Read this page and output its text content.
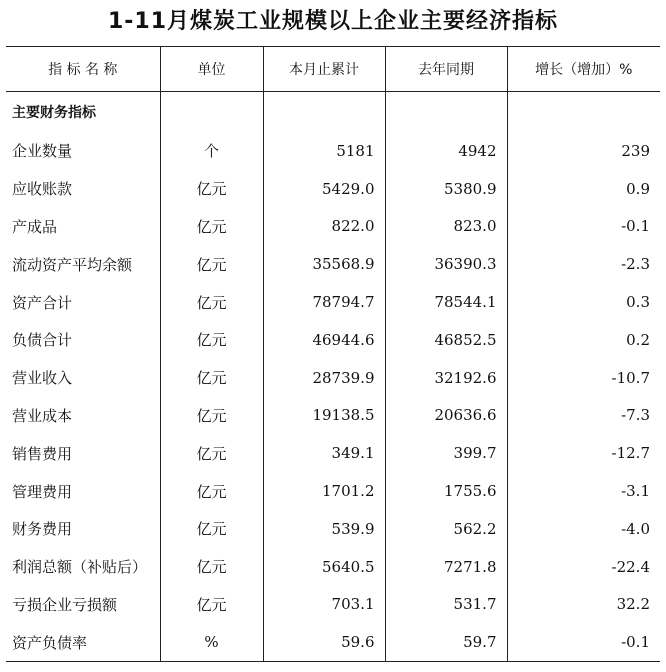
1-11月煤炭工业规模以上企业主要经济指标
指 标 名 称	单位	本月止累计	去年同期	增长（增加）%
主要财务指标				
企业数量	个	5181	4942	239
应收账款	亿元	5429.0	5380.9	0.9
产成品	亿元	822.0	823.0	-0.1
流动资产平均余额	亿元	35568.9	36390.3	-2.3
资产合计	亿元	78794.7	78544.1	0.3
负债合计	亿元	46944.6	46852.5	0.2
营业收入	亿元	28739.9	32192.6	-10.7
营业成本	亿元	19138.5	20636.6	-7.3
销售费用	亿元	349.1	399.7	-12.7
管理费用	亿元	1701.2	1755.6	-3.1
财务费用	亿元	539.9	562.2	-4.0
利润总额（补贴后）	亿元	5640.5	7271.8	-22.4
亏损企业亏损额	亿元	703.1	531.7	32.2
资产负债率	%	59.6	59.7	-0.1
